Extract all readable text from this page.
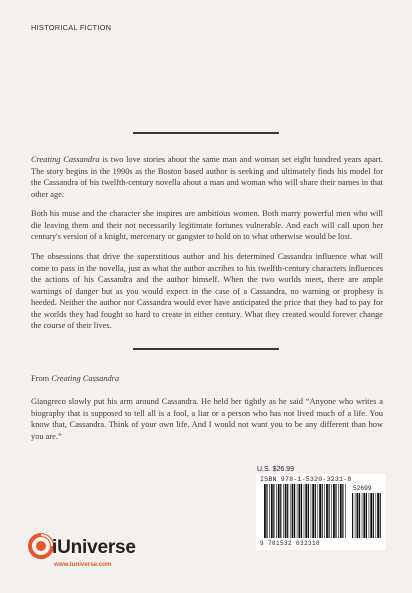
HISTORICAL FICTION

Creating Cassandra is two love stories about the same man and woman set eight hundred years apart. The story begins in the 1990s as the Boston based author is seeking and ultimately finds his model for the Cassandra of his twelfth-century novella about a man and woman who will share their names in that other age.

Both his muse and the character she inspires are ambitious women. Both marry powerful men who will die leaving them and their not necessarily legitimate fortunes vulnerable. And each will call upon her century's version of a knight, mercenary or gangster to hold on to what otherwise would be lost.

The obsessions that drive the superstitious author and his determined Cassandra influence what will come to pass in the novella, just as what the author ascribes to his twelfth-century characters influences the actions of his Cassandra and the author himself. When the two worlds meet, there are ample warnings of danger but as you would expect in the case of a Cassandra, no warning or prophesy is heeded. Neither the author nor Cassandra would ever have anticipated the price that they had to pay for the worlds they had fought so hard to create in either century. What they created would forever change the course of their lives.

From Creating Cassandra

Giangreco slowly put his arm around Cassandra. He held her tightly as he said “Anyone who writes a biography that is supposed to tell all is a fool, a liar or a person who has not lived much of a life. You know that, Cassandra. Think of your own life. And I would not want you to be any different than how you are.”

U.S. $26.99

ISBN 978-1-5320-3231-8
52699
9 781532 032318
iUniverse
www.iuniverse.com
